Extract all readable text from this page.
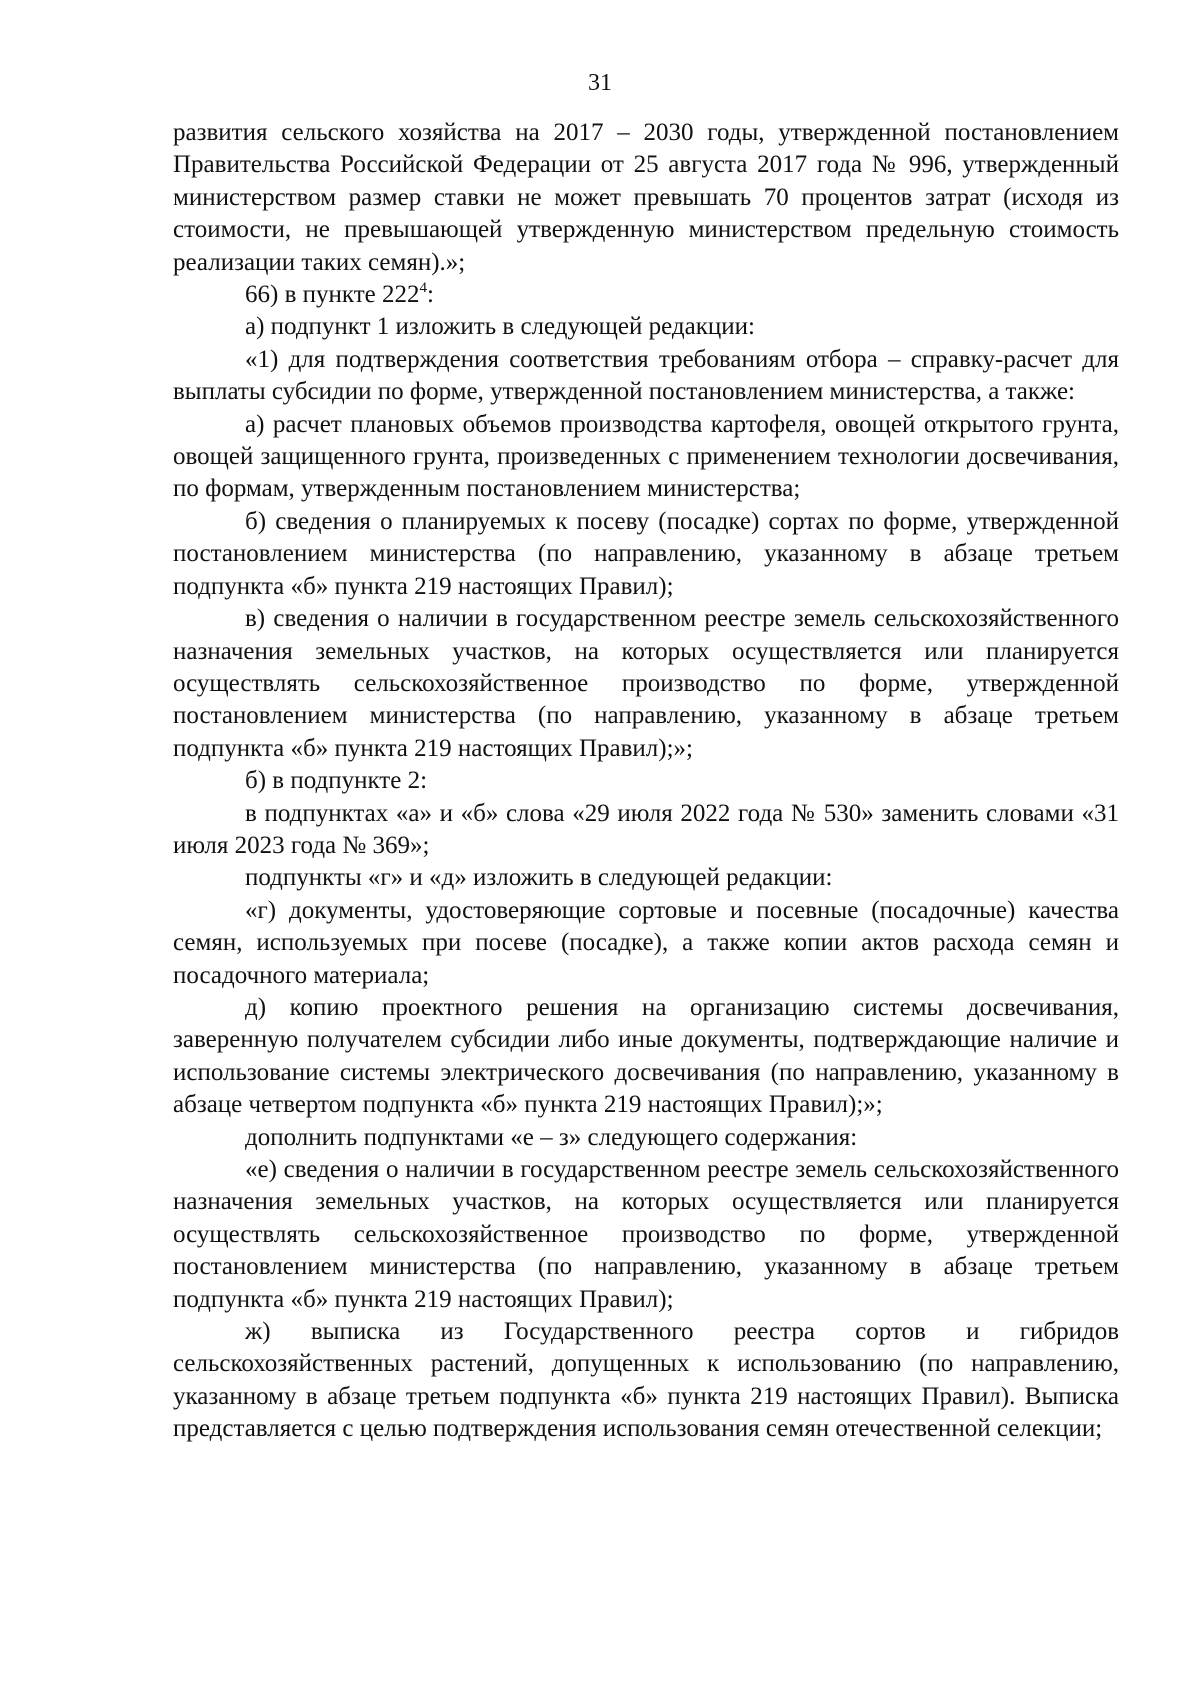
31

развития сельского хозяйства на 2017 – 2030 годы, утвержденной постановлением Правительства Российской Федерации от 25 августа 2017 года № 996, утвержденный министерством размер ставки не может превышать 70 процентов затрат (исходя из стоимости, не превышающей утвержденную министерством предельную стоимость реализации таких семян).»;

66) в пункте $222^4$:

а) подпункт 1 изложить в следующей редакции:

«1) для подтверждения соответствия требованиям отбора – справку-расчет для выплаты субсидии по форме, утвержденной постановлением министерства, а также:

а) расчет плановых объемов производства картофеля, овощей открытого грунта, овощей защищенного грунта, произведенных с применением технологии досвечивания, по формам, утвержденным постановлением министерства;

б) сведения о планируемых к посеву (посадке) сортах по форме, утвержденной постановлением министерства (по направлению, указанному в абзаце третьем подпункта «б» пункта 219 настоящих Правил);

в) сведения о наличии в государственном реестре земель сельскохозяйственного назначения земельных участков, на которых осуществляется или планируется осуществлять сельскохозяйственное производство по форме, утвержденной постановлением министерства (по направлению, указанному в абзаце третьем подпункта «б» пункта 219 настоящих Правил);»;

б) в подпункте 2:

в подпунктах «а» и «б» слова «29 июля 2022 года № 530» заменить словами «31 июля 2023 года № 369»;

подпункты «г» и «д» изложить в следующей редакции:

«г) документы, удостоверяющие сортовые и посевные (посадочные) качества семян, используемых при посеве (посадке), а также копии актов расхода семян и посадочного материала;

д) копию проектного решения на организацию системы досвечивания, заверенную получателем субсидии либо иные документы, подтверждающие наличие и использование системы электрического досвечивания (по направлению, указанному в абзаце четвертом подпункта «б» пункта 219 настоящих Правил);»;

дополнить подпунктами «е – з» следующего содержания:

«е) сведения о наличии в государственном реестре земель сельскохозяйственного назначения земельных участков, на которых осуществляется или планируется осуществлять сельскохозяйственное производство по форме, утвержденной постановлением министерства (по направлению, указанному в абзаце третьем подпункта «б» пункта 219 настоящих Правил);

ж) выписка из Государственного реестра сортов и гибридов сельскохозяйственных растений, допущенных к использованию (по направлению, указанному в абзаце третьем подпункта «б» пункта 219 настоящих Правил). Выписка представляется с целью подтверждения использования семян отечественной селекции;
